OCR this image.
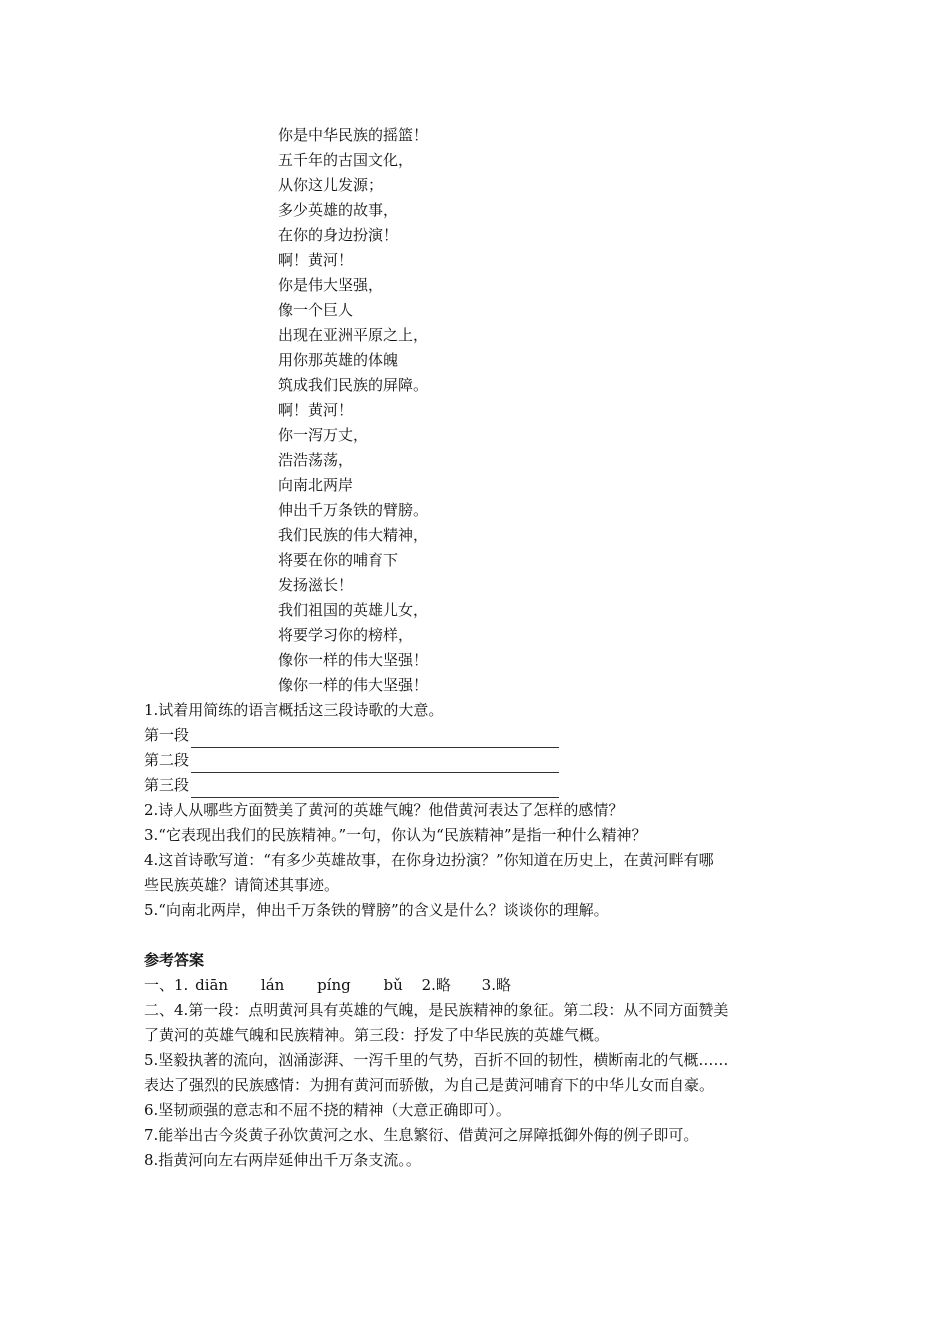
你是中华民族的摇篮！
五千年的古国文化，
从你这儿发源；
多少英雄的故事，
在你的身边扮演！
啊！黄河！
你是伟大坚强，
像一个巨人
出现在亚洲平原之上，
用你那英雄的体魄
筑成我们民族的屏障。
啊！黄河！
你一泻万丈，
浩浩荡荡，
向南北两岸
伸出千万条铁的臂膀。
我们民族的伟大精神，
将要在你的哺育下
发扬滋长！
我们祖国的英雄儿女，
将要学习你的榜样，
像你一样的伟大坚强！
像你一样的伟大坚强！
1.试着用简练的语言概括这三段诗歌的大意。
第一段
第二段
第三段
2.诗人从哪些方面赞美了黄河的英雄气魄？他借黄河表达了怎样的感情？
3.“它表现出我们的民族精神。”一句，你认为“民族精神”是指一种什么精神？
4.这首诗歌写道：“有多少英雄故事，在你身边扮演？”你知道在历史上，在黄河畔有哪
些民族英雄？请简述其事迹。
5.“向南北两岸，伸出千万条铁的臂膀”的含义是什么？谈谈你的理解。
参考答案
一、1. diān lán píng bǔ 2.略 3.略
二、4.第一段：点明黄河具有英雄的气魄，是民族精神的象征。第二段：从不同方面赞美
了黄河的英雄气魄和民族精神。第三段：抒发了中华民族的英雄气概。
5.坚毅执著的流向，汹涌澎湃、一泻千里的气势，百折不回的韧性，横断南北的气概……
表达了强烈的民族感情：为拥有黄河而骄傲，为自己是黄河哺育下的中华儿女而自豪。
6.坚韧顽强的意志和不屈不挠的精神（大意正确即可）。
7.能举出古今炎黄子孙饮黄河之水、生息繁衍、借黄河之屏障抵御外侮的例子即可。
8.指黄河向左右两岸延伸出千万条支流。。
